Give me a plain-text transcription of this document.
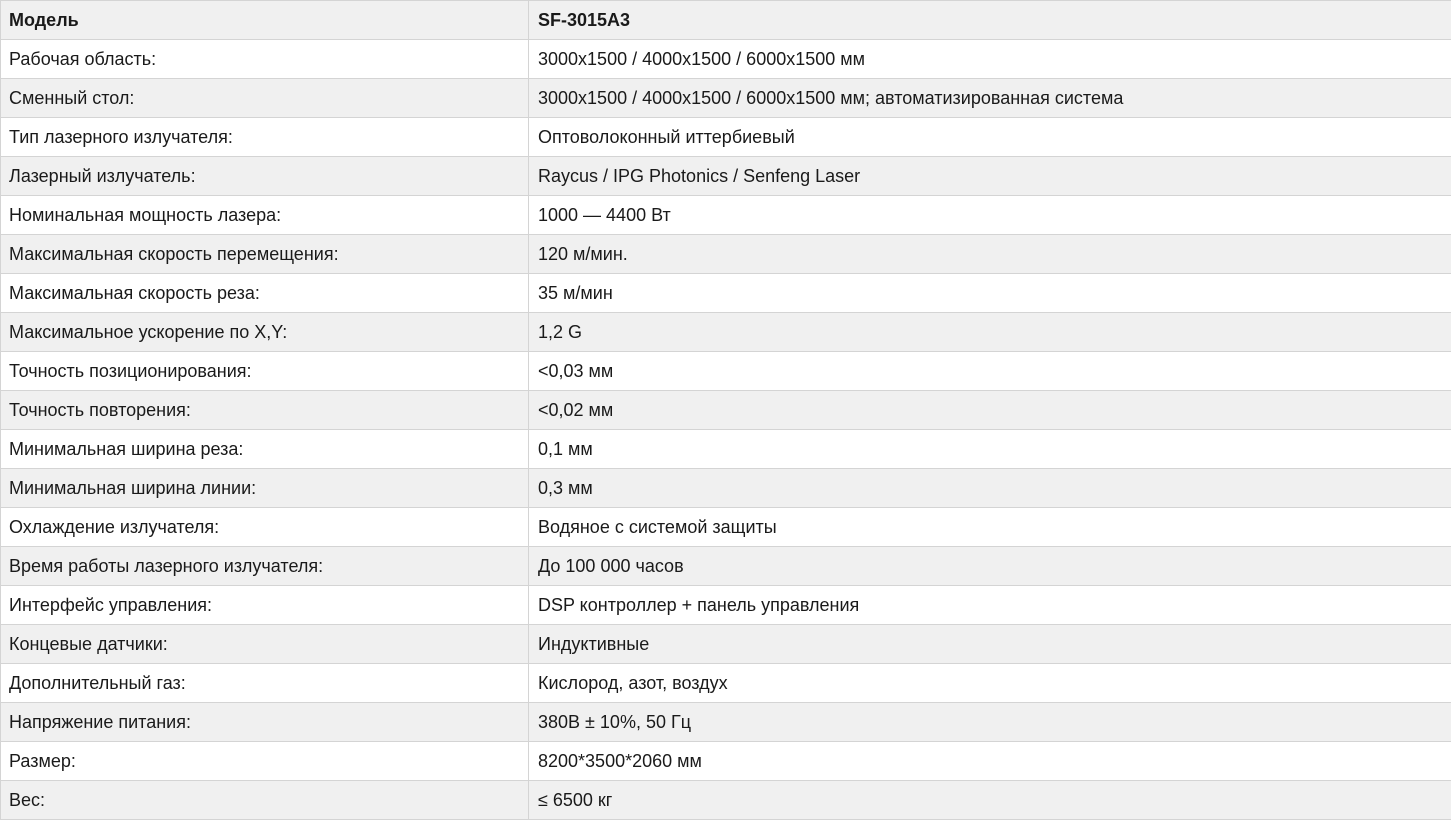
Модель	SF-3015A3
Рабочая область:	3000x1500 / 4000x1500 / 6000x1500 мм
Сменный стол:	3000x1500 / 4000x1500 / 6000x1500 мм; автоматизированная система
Тип лазерного излучателя:	Оптоволоконный иттербиевый
Лазерный излучатель:	Raycus / IPG Photonics / Senfeng Laser
Номинальная мощность лазера:	1000 — 4400 Вт
Максимальная скорость перемещения:	120 м/мин.
Максимальная скорость реза:	35 м/мин
Максимальное ускорение по X,Y:	1,2 G
Точность позиционирования:	<0,03 мм
Точность повторения:	<0,02 мм
Минимальная ширина реза:	0,1 мм
Минимальная ширина линии:	0,3 мм
Охлаждение излучателя:	Водяное с системой защиты
Время работы лазерного излучателя:	До 100 000 часов
Интерфейс управления:	DSP контроллер + панель управления
Концевые датчики:	Индуктивные
Дополнительный газ:	Кислород, азот, воздух
Напряжение питания:	380В ± 10%, 50 Гц
Размер:	8200*3500*2060 мм
Вес:	≤ 6500 кг
